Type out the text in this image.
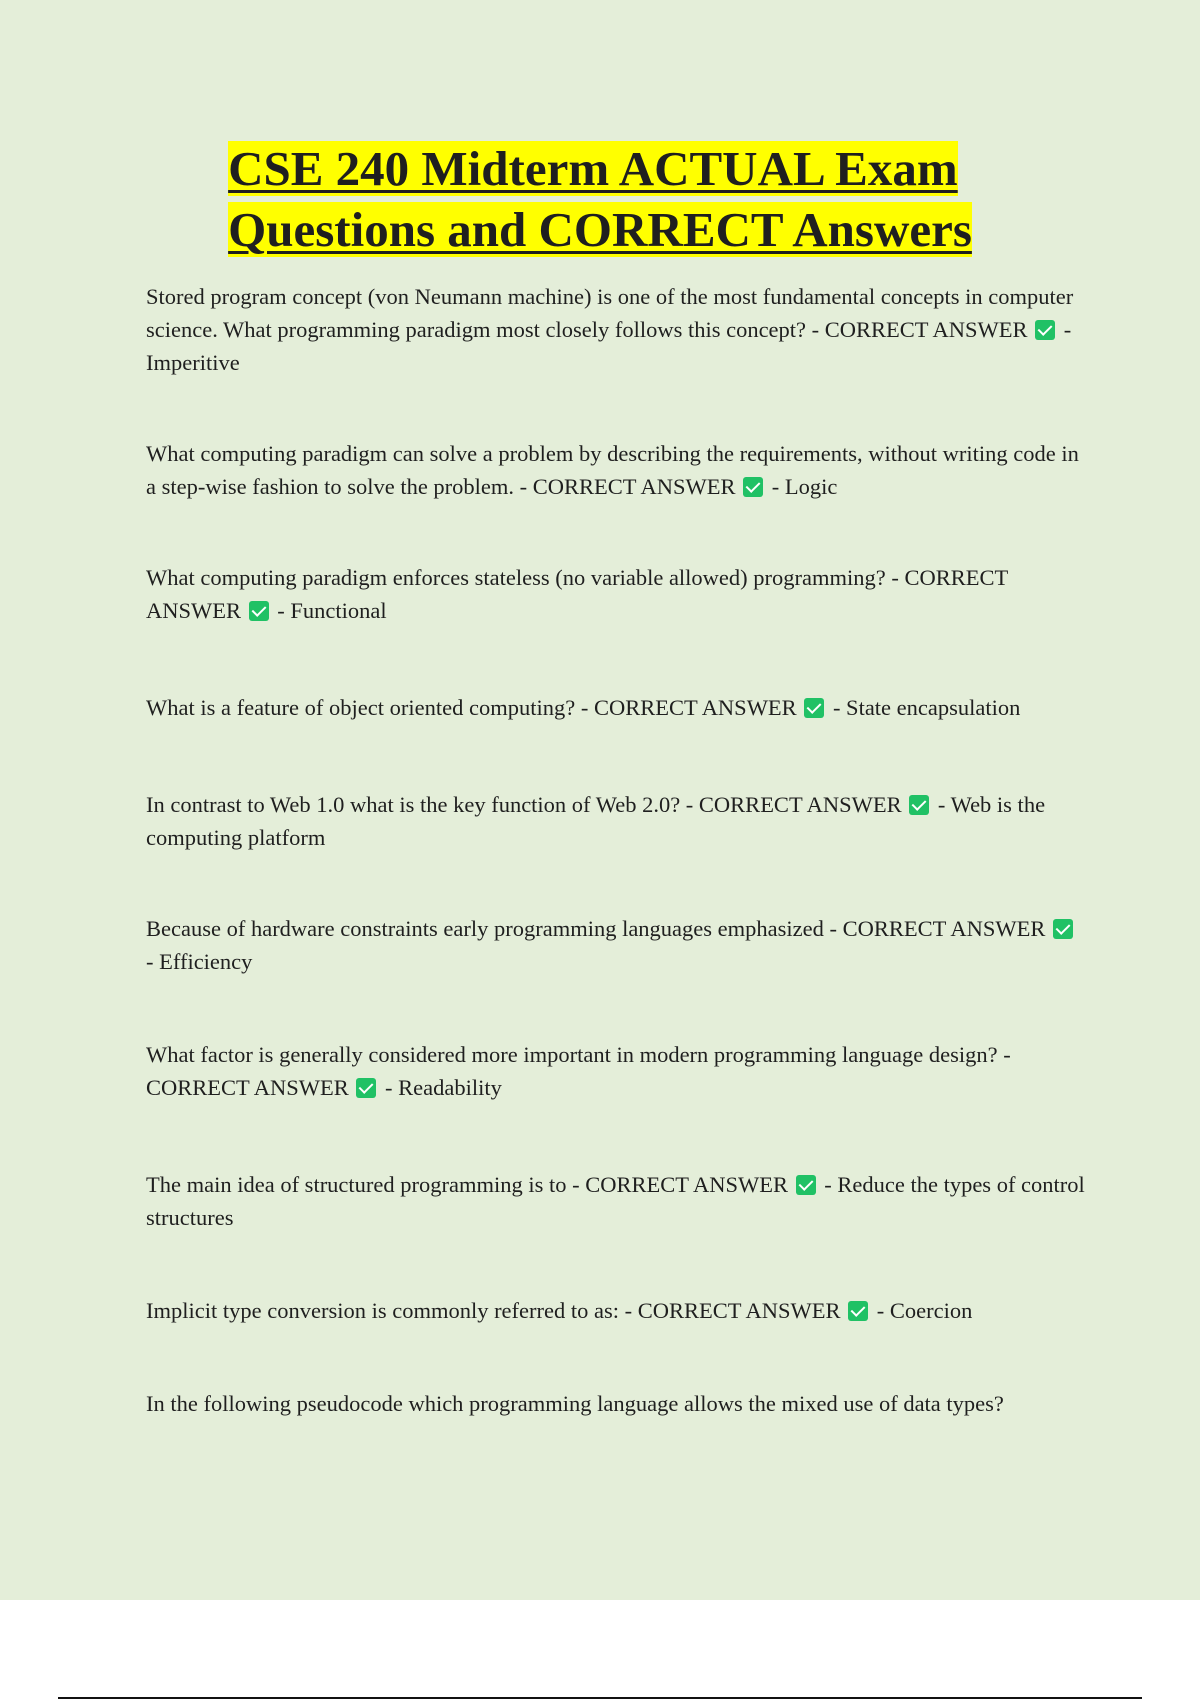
CSE 240 Midterm ACTUAL Exam
Questions and CORRECT Answers

Stored program concept (von Neumann machine) is one of the most fundamental concepts in computer science. What programming paradigm most closely follows this concept? - CORRECT ANSWER - Imperitive

What computing paradigm can solve a problem by describing the requirements, without writing code in a step-wise fashion to solve the problem. - CORRECT ANSWER - Logic

What computing paradigm enforces stateless (no variable allowed) programming? - CORRECT ANSWER - Functional

What is a feature of object oriented computing? - CORRECT ANSWER - State encapsulation

In contrast to Web 1.0 what is the key function of Web 2.0? - CORRECT ANSWER - Web is the computing platform

Because of hardware constraints early programming languages emphasized - CORRECT ANSWER  - Efficiency

What factor is generally considered more important in modern programming language design? - CORRECT ANSWER - Readability

The main idea of structured programming is to - CORRECT ANSWER - Reduce the types of control structures

Implicit type conversion is commonly referred to as: - CORRECT ANSWER - Coercion

In the following pseudocode which programming language allows the mixed use of data types?
